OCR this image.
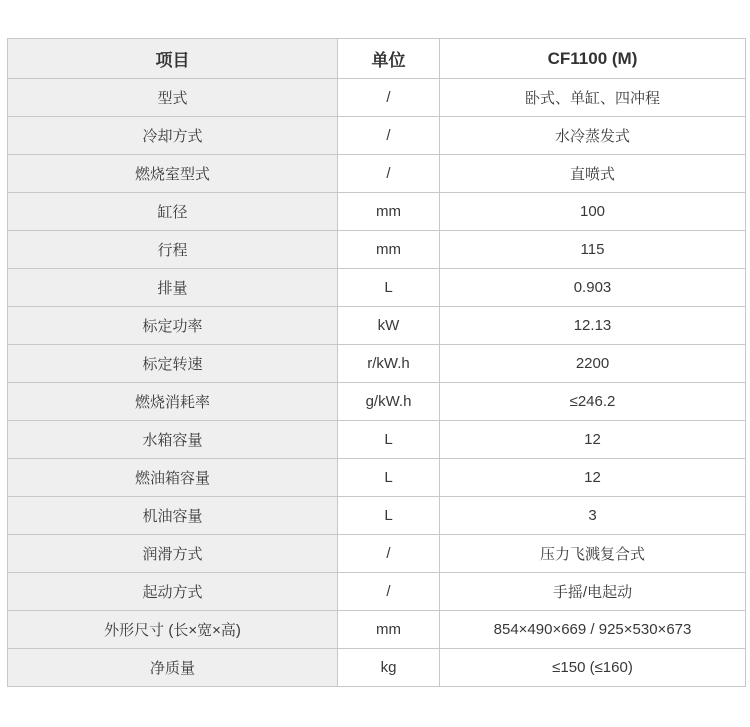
项目	单位	CF1100 (M)
型式	/	卧式、单缸、四冲程
冷却方式	/	水冷蒸发式
燃烧室型式	/	直喷式
缸径	mm	100
行程	mm	115
排量	L	0.903
标定功率	kW	12.13
标定转速	r/kW.h	2200
燃烧消耗率	g/kW.h	≤246.2
水箱容量	L	12
燃油箱容量	L	12
机油容量	L	3
润滑方式	/	压力飞溅复合式
起动方式	/	手摇/电起动
外形尺寸 (长×宽×高)	mm	854×490×669 / 925×530×673
净质量	kg	≤150 (≤160)
